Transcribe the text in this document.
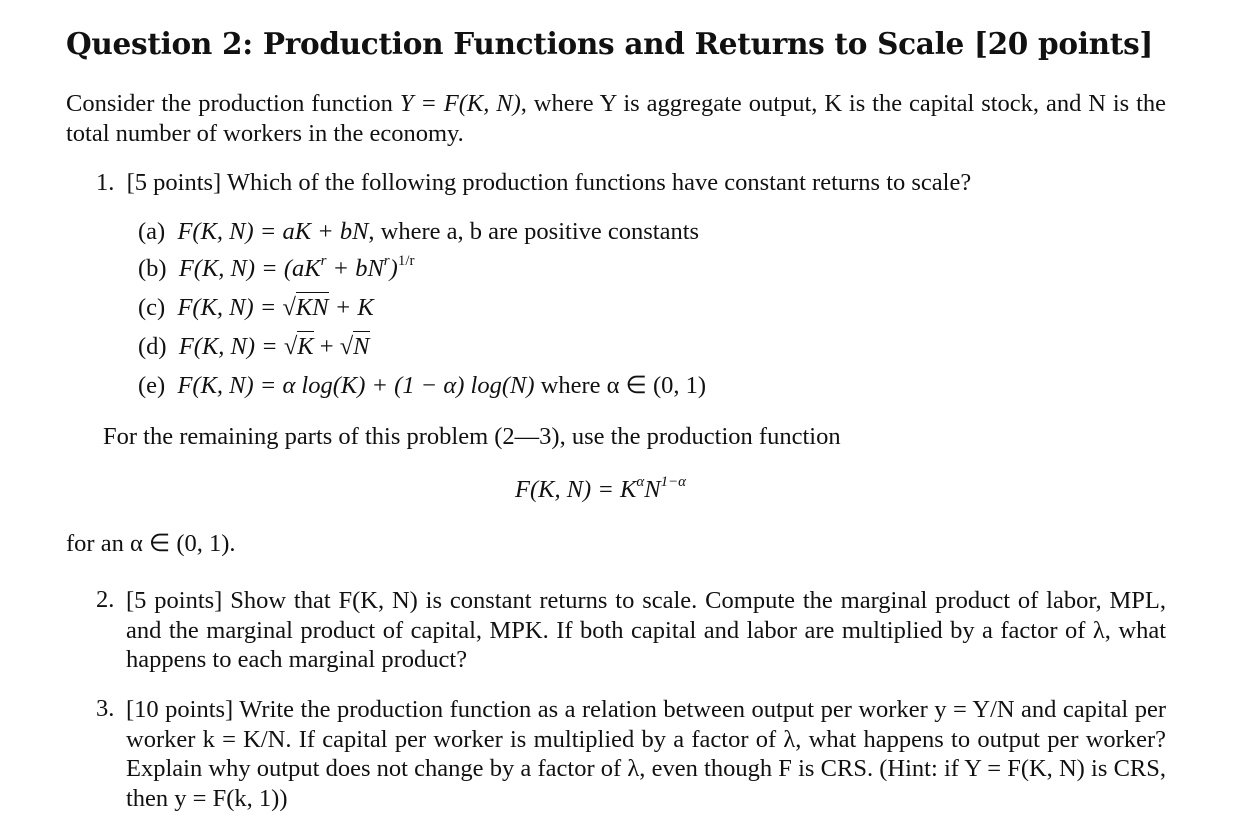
Question 2: Production Functions and Returns to Scale [20 points]
Consider the production function Y = F(K, N), where Y is aggregate output, K is the capital stock, and N is the total number of workers in the economy.
1. [5 points] Which of the following production functions have constant returns to scale?
(a) F(K, N) = aK + bN, where a, b are positive constants
(b) F(K, $N) = (aK^r + bN^r)^{1/r}$
(c) F(K, N) = √KN + K
(d) F(K, N) = √K + √N
(e) F(K, N) = α log(K) + (1 − α) log(N) where α ∈ (0, 1)
For the remaining parts of this problem (2—3), use the production function
F(K, $N) = K^\alpha N^{1-\alpha}$
for an α ∈ (0, 1).
2. [5 points] Show that F(K, N) is constant returns to scale. Compute the marginal product of labor, MPL, and the marginal product of capital, MPK. If both capital and labor are multiplied by a factor of λ, what happens to each marginal product?
3. [10 points] Write the production function as a relation between output per worker y = Y/N and capital per worker k = K/N. If capital per worker is multiplied by a factor of λ, what happens to output per worker? Explain why output does not change by a factor of λ, even though F is CRS. (Hint: if Y = F(K, N) is CRS, then y = F(k, 1))
